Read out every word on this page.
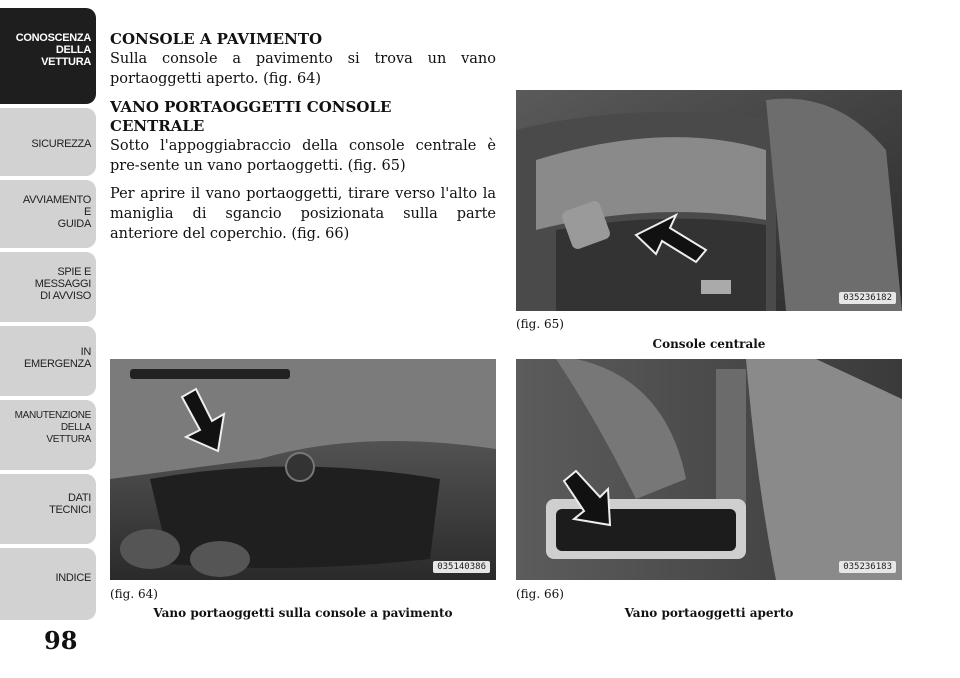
CONOSCENZA
DELLA
VETTURA
SICUREZZA
AVVIAMENTO
E
GUIDA
SPIE E
MESSAGGI
DI AVVISO
IN
EMERGENZA
MANUTENZIONE
DELLA
VETTURA
DATI
TECNICI
INDICE
98
CONSOLE A PAVIMENTO
Sulla console a pavimento si trova un vano portaoggetti aperto. (fig. 64)
VANO PORTAOGGETTI CONSOLE
CENTRALE
Sotto l'appoggiabraccio della console centrale è pre-sente un vano portaoggetti. (fig. 65)
Per aprire il vano portaoggetti, tirare verso l'alto la maniglia di sgancio posizionata sulla parte anteriore del coperchio. (fig. 66)
035236182
(fig. 65)
Console centrale
035140386
(fig. 64)
Vano portaoggetti sulla console a pavimento
035236183
(fig. 66)
Vano portaoggetti aperto
